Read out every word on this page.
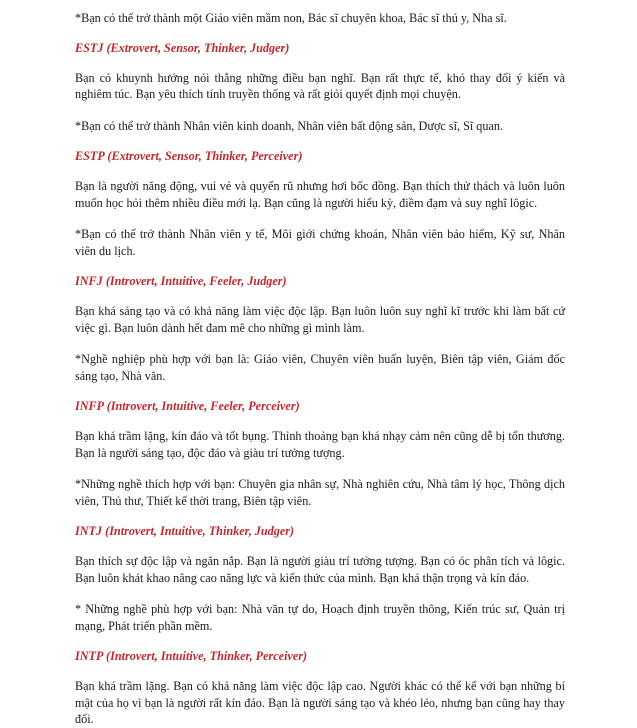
*Bạn có thể trở thành một Giáo viên mầm non, Bác sĩ chuyên khoa, Bác sĩ thú y, Nha sĩ.

ESTJ (Extrovert, Sensor, Thinker, Judger)

Bạn có khuynh hướng nói thẳng những điều bạn nghĩ. Bạn rất thực tế, khó thay đổi ý kiến và nghiêm túc. Bạn yêu thích tính truyền thống và rất giỏi quyết định mọi chuyện.

*Bạn có thể trở thành Nhân viên kinh doanh, Nhân viên bất động sản, Dược sĩ, Sĩ quan.

ESTP (Extrovert, Sensor, Thinker, Perceiver)

Bạn là người năng động, vui vẻ và quyến rũ nhưng hơi bốc đồng. Bạn thích thử thách và luôn luôn muốn học hỏi thêm nhiều điều mới lạ. Bạn cũng là người hiếu kỳ, điềm đạm và suy nghĩ lôgic.

*Bạn có thể trở thành Nhân viên y tế, Môi giới chứng khoán, Nhân viên bảo hiểm, Kỹ sư, Nhân viên du lịch.

INFJ (Introvert, Intuitive, Feeler, Judger)

Bạn khá sáng tạo và có khả năng làm việc độc lập. Bạn luôn luôn suy nghĩ kĩ trước khi làm bất cứ việc gì. Bạn luôn dành hết đam mê cho những gì mình làm.

*Nghề nghiệp phù hợp với bạn là: Giáo viên, Chuyên viên huấn luyện, Biên tập viên, Giám đốc sáng tạo, Nhà văn.

INFP (Introvert, Intuitive, Feeler, Perceiver)

Bạn khá trầm lặng, kín đáo và tốt bụng. Thỉnh thoảng bạn khá nhạy cảm nên cũng dễ bị tổn thương. Bạn là người sáng tạo, độc đáo và giàu trí tưởng tượng.

*Những nghề thích hợp với bạn: Chuyên gia nhân sự, Nhà nghiên cứu, Nhà tâm lý học, Thông dịch viên, Thủ thư, Thiết kế thời trang, Biên tập viên.

INTJ (Introvert, Intuitive, Thinker, Judger)

Bạn thích sự độc lập và ngăn nắp. Bạn là người giàu trí tưởng tượng. Bạn có óc phân tích và lôgic. Bạn luôn khát khao nâng cao năng lực và kiến thức của mình. Bạn khá thận trọng và kín đáo.

* Những nghề phù hợp với bạn: Nhà văn tự do, Hoạch định truyền thông, Kiến trúc sư, Quản trị mạng, Phát triển phần mềm.

INTP (Introvert, Intuitive, Thinker, Perceiver)

Bạn khá trầm lặng. Bạn có khả năng làm việc độc lập cao. Người khác có thể kể với bạn những bí mật của họ vì bạn là người rất kín đáo. Bạn là người sáng tạo và khéo léo, nhưng bạn cũng hay thay đổi.
